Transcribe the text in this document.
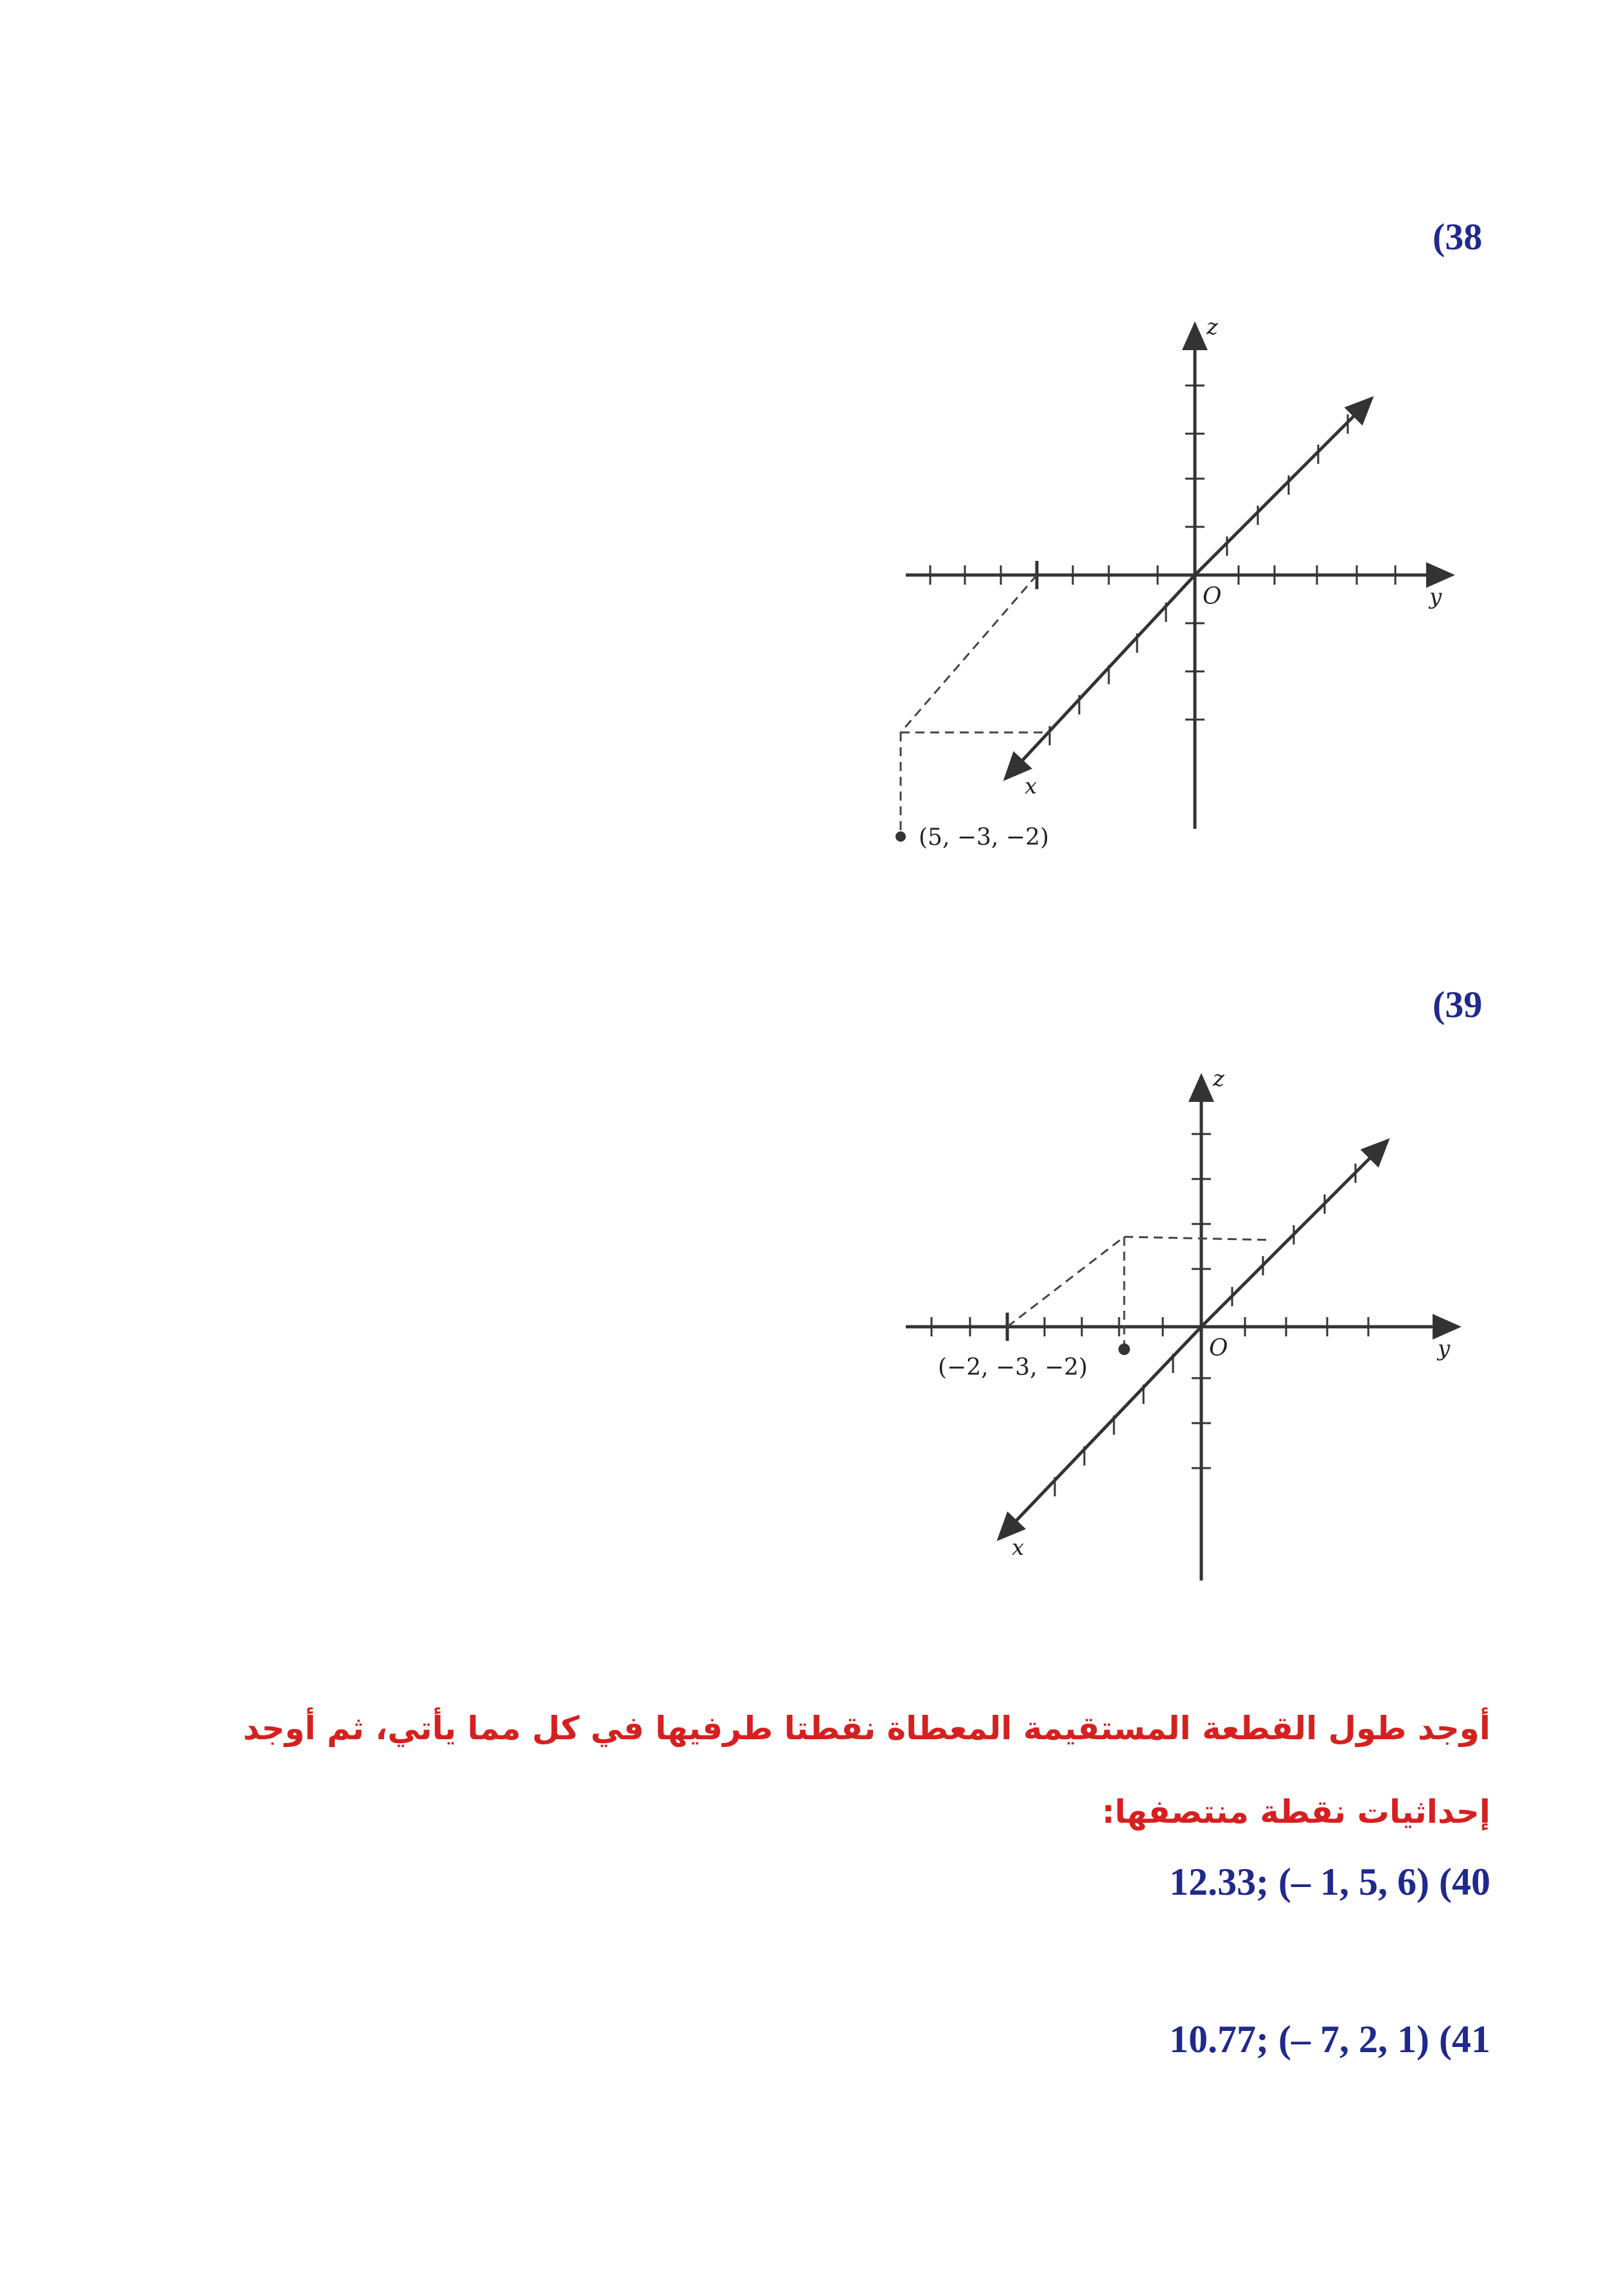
(38
z
y
x
O
(5, −3, −2)
(39
z
y
x
O
(−2, −3, −2)
أوجد طول القطعة المستقيمة المعطاة نقطتا طرفيها في كل مما يأتي، ثم أوجد إحداثيات نقطة منتصفها:
12.33; (– 1, 5, 6) (40
10.77; (– 7, 2, 1) (41
